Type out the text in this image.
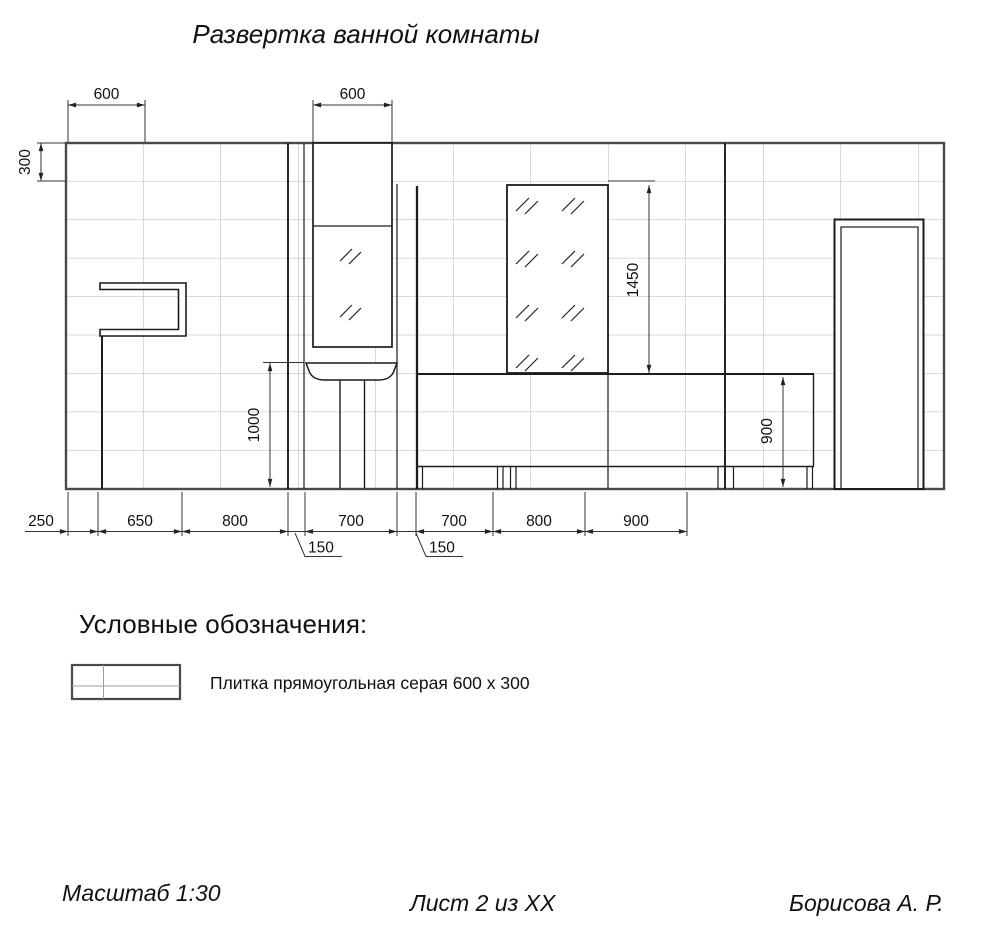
Развертка ванной комнаты
600	600
300
1000
1450
900
250	650	800	700	700	800	900
150	150
Условные обозначения:
Плитка прямоугольная серая 600 х 300
Масштаб 1:30	Лист 2 из ХХ	Борисова А. Р.
